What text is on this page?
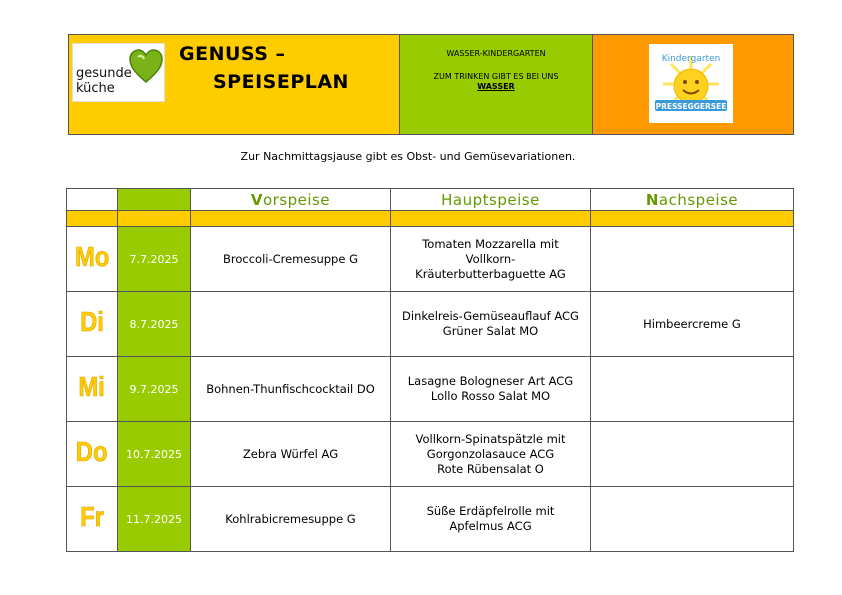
gesunde
küche
GENUSS –
SPEISEPLAN
WASSER-KINDERGARTEN
ZUM TRINKEN GIBT ES BEI UNS
WASSER
Kindergarten
PRESSEGGERSEE
Zur Nachmittagsjause gibt es Obst- und Gemüsevariationen.
		Vorspeise	Hauptspeise	Nachspeise

Mo	7.7.2025	Broccoli-Cremesuppe G	Tomaten Mozzarella mit
Vollkorn-
Kräuterbutterbaguette AG	

Di	8.7.2025		Dinkelreis-Gemüseauflauf ACG
Grüner Salat MO	Himbeercreme G

Mi	9.7.2025	Bohnen-Thunfischcocktail DO	Lasagne Bologneser Art ACG
Lollo Rosso Salat MO	

Do	10.7.2025	Zebra Würfel AG	Vollkorn-Spinatspätzle mit
Gorgonzolasauce ACG
Rote Rübensalat O	

Fr	11.7.2025	Kohlrabicremesuppe G	Süße Erdäpfelrolle mit
Apfelmus ACG	
